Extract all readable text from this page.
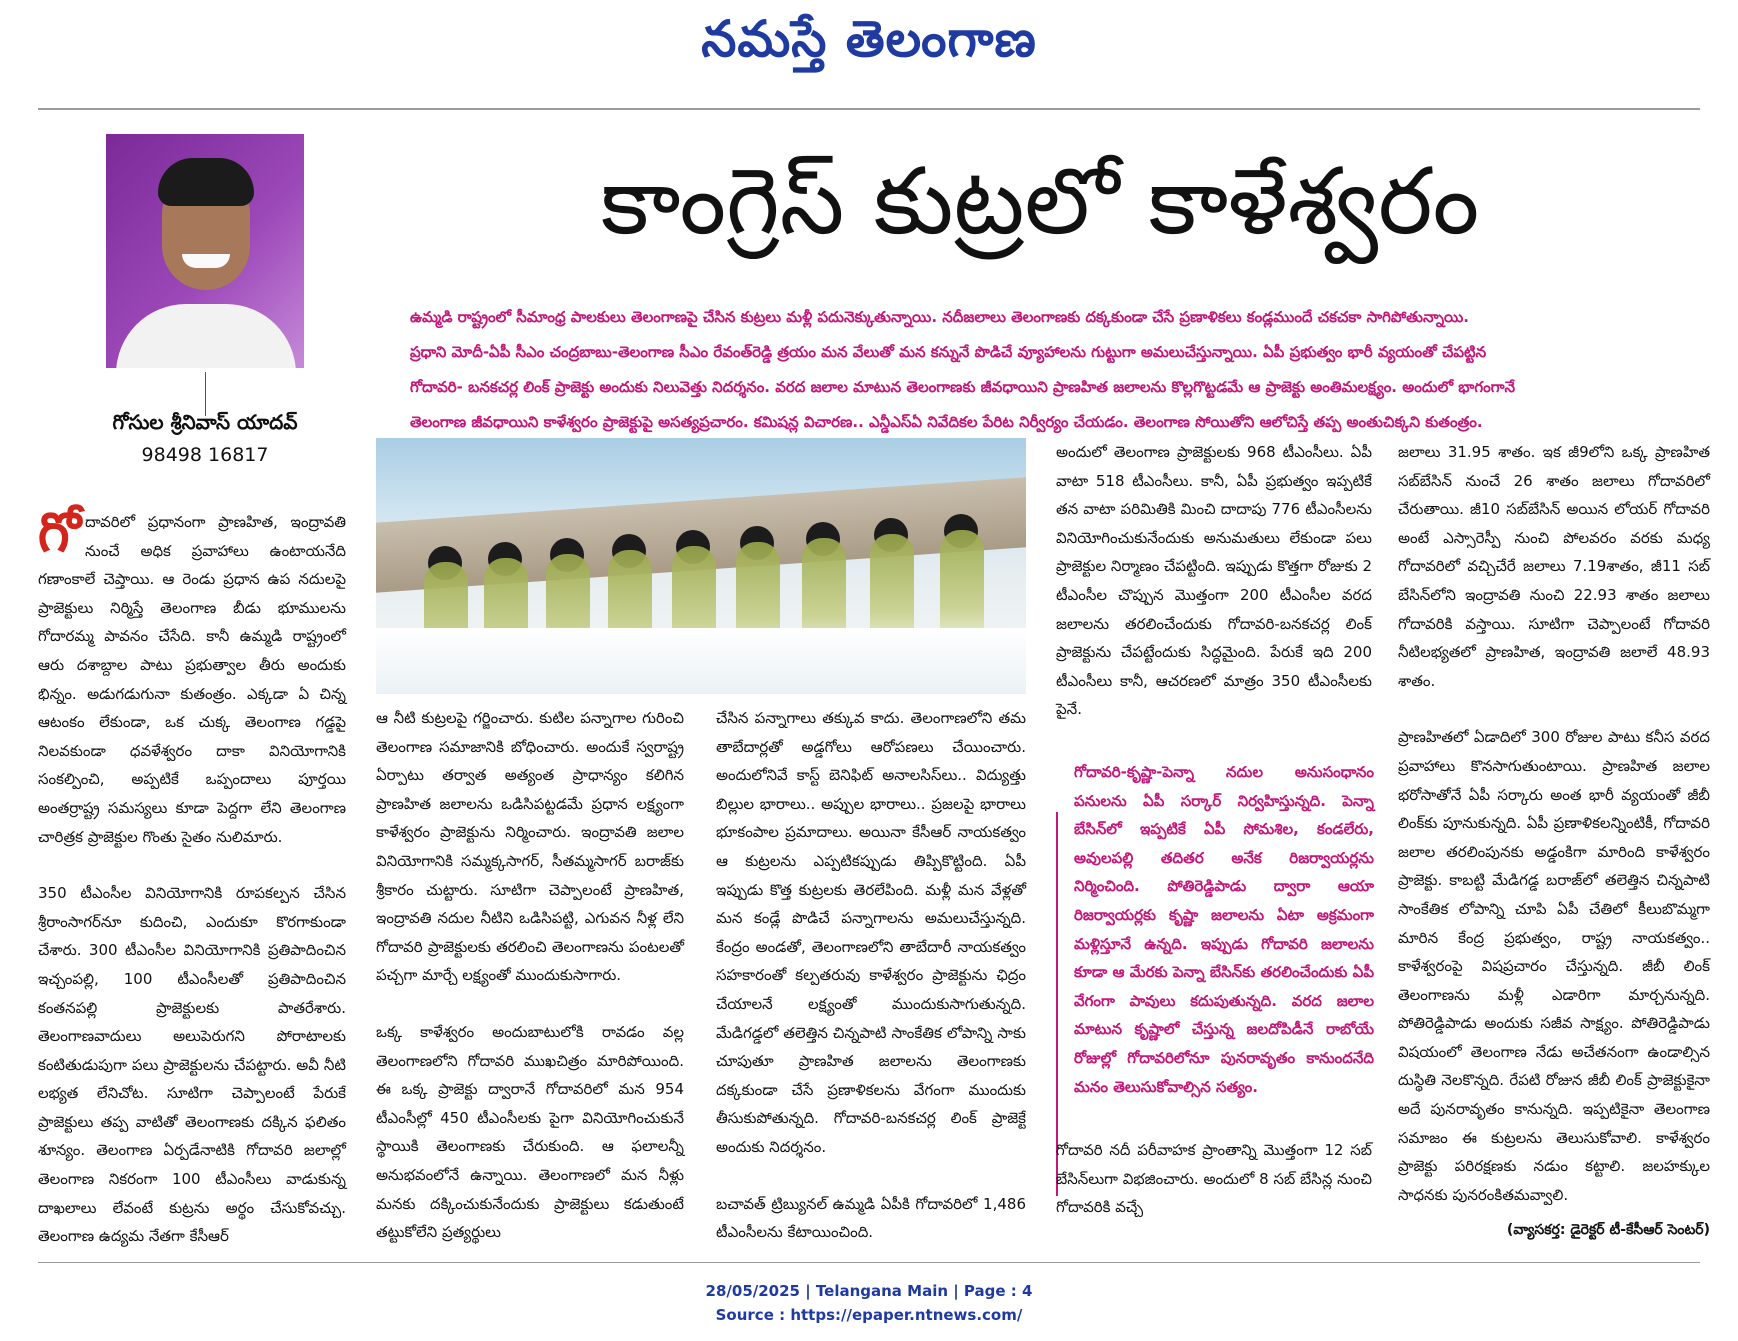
నమస్తే తెలంగాణ
గోసుల శ్రీనివాస్ యాదవ్
98498 16817
కాంగ్రెస్ కుట్రలో కాళేశ్వరం

ఉమ్మడి రాష్ట్రంలో సీమాంధ్ర పాలకులు తెలంగాణపై చేసిన కుట్రలు మళ్లీ పదునెక్కుతున్నాయి. నదీజలాలు తెలంగాణకు దక్కకుండా చేసే ప్రణాళికలు కండ్లముందే చకచకా సాగిపోతున్నాయి.

ప్రధాని మోదీ-ఏపీ సీఎం చంద్రబాబు-తెలంగాణ సీఎం రేవంత్‌రెడ్డి త్రయం మన వేలుతో మన కన్నునే పొడిచే వ్యూహాలను గుట్టుగా అమలుచేస్తున్నాయి. ఏపీ ప్రభుత్వం భారీ వ్యయంతో చేపట్టిన

గోదావరి- బనకచర్ల లింక్ ప్రాజెక్టు అందుకు నిలువెత్తు నిదర్శనం. వరద జలాల మాటున తెలంగాణకు జీవధాయిని ప్రాణహిత జలాలను కొల్లగొట్టడమే ఆ ప్రాజెక్టు అంతిమలక్ష్యం. అందులో భాగంగానే

తెలంగాణ జీవధాయిని కాళేశ్వరం ప్రాజెక్టుపై అసత్యప్రచారం. కమిషన్ల విచారణ.. ఎన్డీఎస్‌ఏ నివేదికల పేరిట నిర్వీర్యం చేయడం. తెలంగాణ సోయితోని ఆలోచిస్తే తప్ప అంతుచిక్కని కుతంత్రం.

గో దావరిలో ప్రధానంగా ప్రాణహిత, ఇంద్రావతి నుంచే అధిక ప్రవాహాలు ఉంటాయనేది గణాంకాలే చెప్తాయి. ఆ రెండు ప్రధాన ఉప నదులపై ప్రాజెక్టులు నిర్మిస్తే తెలంగాణ బీడు భూములను గోదారమ్మ పావనం చేసేది. కానీ ఉమ్మడి రాష్ట్రంలో ఆరు దశాబ్దాల పాటు ప్రభుత్వాల తీరు అందుకు భిన్నం. అడుగడుగునా కుతంత్రం. ఎక్కడా ఏ చిన్న ఆటంకం లేకుండా, ఒక చుక్క తెలంగాణ గడ్డపై నిలవకుండా ధవళేశ్వరం దాకా వినియోగానికి సంకల్పించి, అప్పటికే ఒప్పందాలు పూర్తయి అంతర్రాష్ట్ర సమస్యలు కూడా పెద్దగా లేని తెలంగాణ చారిత్రక ప్రాజెక్టుల గొంతు సైతం నులిమారు.

350 టీఎంసీల వినియోగానికి రూపకల్పన చేసిన శ్రీరాంసాగర్‌నూ కుదించి, ఎందుకూ కొరగాకుండా చేశారు. 300 టీఎంసీల వినియోగానికి ప్రతిపాదించిన ఇచ్చంపల్లి, 100 టీఎంసీలతో ప్రతిపాదించిన కంతనపల్లి ప్రాజెక్టులకు పాతరేశారు. తెలంగాణవాదులు అలుపెరుగని పోరాటాలకు కంటితుడుపుగా పలు ప్రాజెక్టులను చేపట్టారు. అవీ నీటి లభ్యత లేనిచోట. సూటిగా చెప్పాలంటే పేరుకే ప్రాజెక్టులు తప్ప వాటితో తెలంగాణకు దక్కిన ఫలితం శూన్యం. తెలంగాణ ఏర్పడేనాటికి గోదావరి జలాల్లో తెలంగాణ నికరంగా 100 టీఎంసీలు వాడుకున్న దాఖలాలు లేవంటే కుట్రను అర్థం చేసుకోవచ్చు. తెలంగాణ ఉద్యమ నేతగా కేసీఆర్

ఆ నీటి కుట్రలపై గర్జించారు. కుటిల పన్నాగాల గురించి తెలంగాణ సమాజానికి బోధించారు. అందుకే స్వరాష్ట్ర ఏర్పాటు తర్వాత అత్యంత ప్రాధాన్యం కలిగిన ప్రాణహిత జలాలను ఒడిసిపట్టడమే ప్రధాన లక్ష్యంగా కాళేశ్వరం ప్రాజెక్టును నిర్మించారు. ఇంద్రావతి జలాల వినియోగానికి సమ్మక్కసాగర్, సీతమ్మసాగర్ బరాజ్‌కు శ్రీకారం చుట్టారు. సూటిగా చెప్పాలంటే ప్రాణహిత, ఇంద్రావతి నదుల నీటిని ఒడిసిపట్టి, ఎగువన నీళ్ల లేని గోదావరి ప్రాజెక్టులకు తరలించి తెలంగాణను పంటలతో పచ్చగా మార్చే లక్ష్యంతో ముందుకుసాగారు.

ఒక్క కాళేశ్వరం అందుబాటులోకి రావడం వల్ల తెలంగాణలోని గోదావరి ముఖచిత్రం మారిపోయింది. ఈ ఒక్క ప్రాజెక్టు ద్వారానే గోదావరిలో మన 954 టీఎంసీల్లో 450 టీఎంసీలకు పైగా వినియోగించుకునే స్థాయికి తెలంగాణకు చేరుకుంది. ఆ ఫలాలన్నీ అనుభవంలోనే ఉన్నాయి. తెలంగాణలో మన నీళ్లు మనకు దక్కించుకునేందుకు ప్రాజెక్టులు కడుతుంటే తట్టుకోలేని ప్రత్యర్థులు

చేసిన పన్నాగాలు తక్కువ కాదు. తెలంగాణలోని తమ తాబేదార్లతో అడ్డగోలు ఆరోపణలు చేయించారు. అందులోనివే కాస్ట్ బెనిఫిట్ అనాలసిస్‌లు.. విద్యుత్తు బిల్లుల భారాలు.. అప్పుల భారాలు.. ప్రజలపై భారాలు భూకంపాల ప్రమాదాలు. అయినా కేసీఆర్ నాయకత్వం ఆ కుట్రలను ఎప్పటికప్పుడు తిప్పికొట్టింది. ఏపీ ఇప్పుడు కొత్త కుట్రలకు తెరలేపింది. మళ్లీ మన వేళ్లతో మన కండ్లే పొడిచే పన్నాగాలను అమలుచేస్తున్నది. కేంద్రం అండతో, తెలంగాణలోని తాబేదారీ నాయకత్వం సహకారంతో కల్పతరువు కాళేశ్వరం ప్రాజెక్టును ఛిద్రం చేయాలనే లక్ష్యంతో ముందుకుసాగుతున్నది. మేడిగడ్డలో తలెత్తిన చిన్నపాటి సాంకేతిక లోపాన్ని సాకు చూపుతూ ప్రాణహిత జలాలను తెలంగాణకు దక్కకుండా చేసే ప్రణాళికలను వేగంగా ముందుకు తీసుకుపోతున్నది. గోదావరి-బనకచర్ల లింక్ ప్రాజెక్టే అందుకు నిదర్శనం.

బచావత్ ట్రిబ్యునల్ ఉమ్మడి ఏపీకి గోదావరిలో 1,486 టీఎంసీలను కేటాయించింది.

అందులో తెలంగాణ ప్రాజెక్టులకు 968 టీఎంసీలు. ఏపీ వాటా 518 టీఎంసీలు. కానీ, ఏపీ ప్రభుత్వం ఇప్పటికే తన వాటా పరిమితికి మించి దాదాపు 776 టీఎంసీలను వినియోగించుకునేందుకు అనుమతులు లేకుండా పలు ప్రాజెక్టుల నిర్మాణం చేపట్టింది. ఇప్పుడు కొత్తగా రోజుకు 2 టీఎంసీల చొప్పున మొత్తంగా 200 టీఎంసీల వరద జలాలను తరలించేందుకు గోదావరి-బనకచర్ల లింక్ ప్రాజెక్టును చేపట్టేందుకు సిద్ధమైంది. పేరుకే ఇది 200 టీఎంసీలు కానీ, ఆచరణలో మాత్రం 350 టీఎంసీలకు పైనే.

గోదావరి-కృష్ణా-పెన్నా నదుల అనుసంధానం పనులను ఏపీ సర్కార్ నిర్వహిస్తున్నది. పెన్నా బేసిన్‌లో ఇప్పటికే ఏపీ సోమశిల, కండలేరు, అవులపల్లి తదితర అనేక రిజర్వాయర్లను నిర్మించింది. పోతిరెడ్డిపాడు ద్వారా ఆయా రిజర్వాయర్లకు కృష్ణా జలాలను ఏటా అక్రమంగా మళ్లిస్తూనే ఉన్నది. ఇప్పుడు గోదావరి జలాలను కూడా ఆ మేరకు పెన్నా బేసిన్‌కు తరలించేందుకు ఏపీ వేగంగా పావులు కదుపుతున్నది. వరద జలాల మాటున కృష్ణాలో చేస్తున్న జలదోపిడీనే రాబోయే రోజుల్లో గోదావరిలోనూ పునరావృతం కానుందనేది మనం తెలుసుకోవాల్సిన సత్యం.

గోదావరి నదీ పరీవాహక ప్రాంతాన్ని మొత్తంగా 12 సబ్ బేసిన్‌లుగా విభజించారు. అందులో 8 సబ్ బేసిన్ల నుంచి గోదావరికి వచ్చే

జలాలు 31.95 శాతం. ఇక జీ9లోని ఒక్క ప్రాణహిత సబ్‌బేసిన్ నుంచే 26 శాతం జలాలు గోదావరిలో చేరుతాయి. జీ10 సబ్‌బేసిన్ అయిన లోయర్ గోదావరి అంటే ఎస్సారెస్పీ నుంచి పోలవరం వరకు మధ్య గోదావరిలో వచ్చిచేరే జలాలు 7.19శాతం, జీ11 సబ్ బేసిన్‌లోని ఇంద్రావతి నుంచి 22.93 శాతం జలాలు గోదావరికి వస్తాయి. సూటిగా చెప్పాలంటే గోదావరి నీటిలభ్యతలో ప్రాణహిత, ఇంద్రావతి జలాలే 48.93 శాతం.

ప్రాణహితలో ఏడాదిలో 300 రోజుల పాటు కనీస వరద ప్రవాహాలు కొనసాగుతుంటాయి. ప్రాణహిత జలాల భరోసాతోనే ఏపీ సర్కారు అంత భారీ వ్యయంతో జీబీ లింక్‌కు పూనుకున్నది. ఏపీ ప్రణాళికలన్నింటికీ, గోదావరి జలాల తరలింపునకు అడ్డంకిగా మారింది కాళేశ్వరం ప్రాజెక్టు. కాబట్టి మేడిగడ్డ బరాజ్‌లో తలెత్తిన చిన్నపాటి సాంకేతిక లోపాన్ని చూపి ఏపీ చేతిలో కీలుబొమ్మగా మారిన కేంద్ర ప్రభుత్వం, రాష్ట్ర నాయకత్వం.. కాళేశ్వరంపై విషప్రచారం చేస్తున్నది. జీబీ లింక్ తెలంగాణను మళ్లీ ఎడారిగా మార్చనున్నది. పోతిరెడ్డిపాడు అందుకు సజీవ సాక్ష్యం. పోతిరెడ్డిపాడు విషయంలో తెలంగాణ నేడు అచేతనంగా ఉండాల్సిన దుస్థితి నెలకొన్నది. రేపటి రోజున జీబీ లింక్ ప్రాజెక్టుకైనా అదే పునరావృతం కానున్నది. ఇప్పటికైనా తెలంగాణ సమాజం ఈ కుట్రలను తెలుసుకోవాలి. కాళేశ్వరం ప్రాజెక్టు పరిరక్షణకు నడుం కట్టాలి. జలహక్కుల సాధనకు పునరంకితమవ్వాలి.

(వ్యాసకర్త: డైరెక్టర్ టీ-కేసీఆర్ సెంటర్)
28/05/2025 | Telangana Main | Page : 4
Source : https://epaper.ntnews.com/
